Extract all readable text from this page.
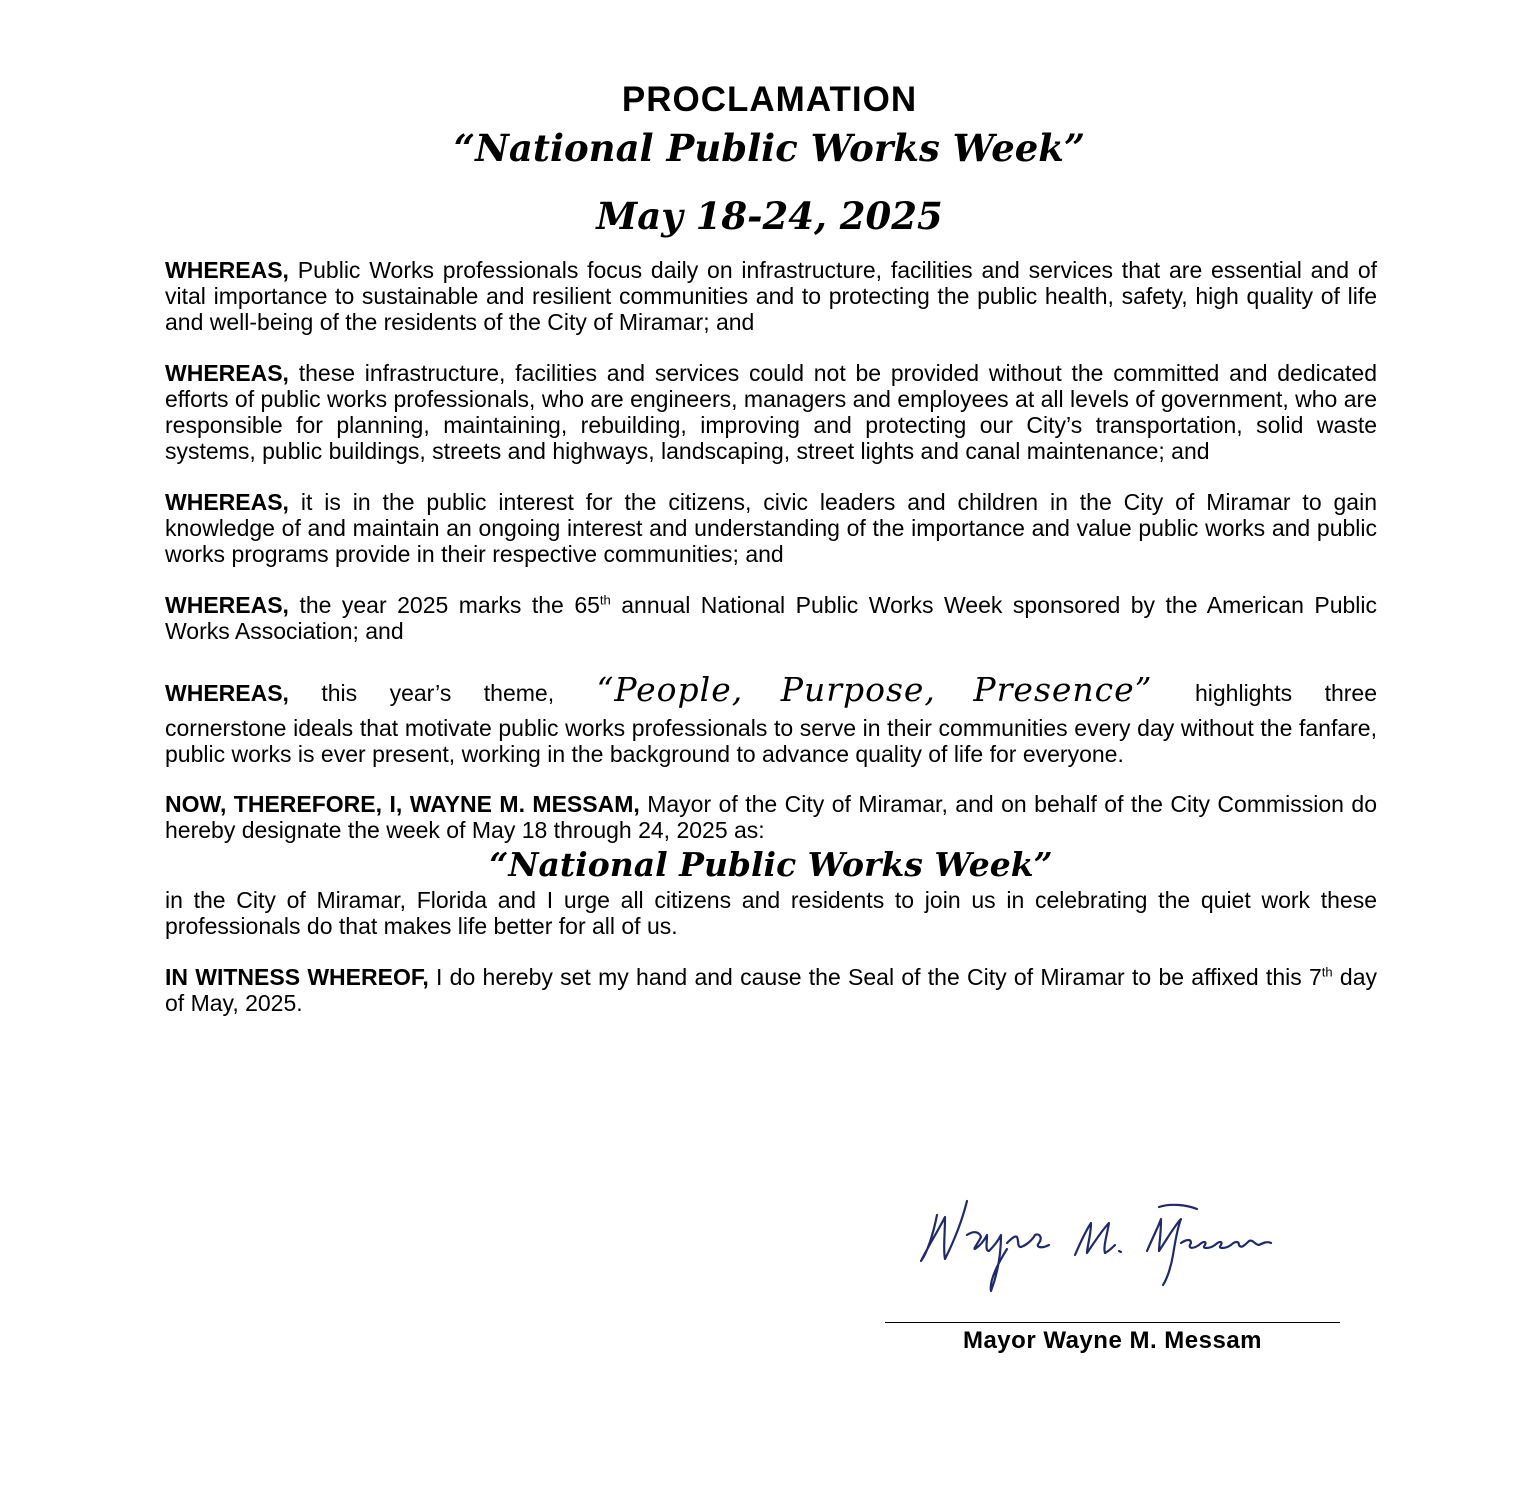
PROCLAMATION
“National Public Works Week”
May 18-24, 2025

WHEREAS, Public Works professionals focus daily on infrastructure, facilities and services that are essential and of vital importance to sustainable and resilient communities and to protecting the public health, safety, high quality of life and well-being of the residents of the City of Miramar; and

WHEREAS, these infrastructure, facilities and services could not be provided without the committed and dedicated efforts of public works professionals, who are engineers, managers and employees at all levels of government, who are responsible for planning, maintaining, rebuilding, improving and protecting our City’s transportation, solid waste systems, public buildings, streets and highways, landscaping, street lights and canal maintenance; and

WHEREAS, it is in the public interest for the citizens, civic leaders and children in the City of Miramar to gain knowledge of and maintain an ongoing interest and understanding of the importance and value public works and public works programs provide in their respective communities; and

WHEREAS, the year 2025 marks the 65th annual National Public Works Week sponsored by the American Public Works Association; and

WHEREAS, this year’s theme, “People, Purpose, Presence” highlights three
cornerstone ideals that motivate public works professionals to serve in their communities every day without the fanfare, public works is ever present, working in the background to advance quality of life for everyone.

NOW, THEREFORE, I, WAYNE M. MESSAM, Mayor of the City of Miramar, and on behalf of the City Commission do hereby designate the week of May 18 through 24, 2025 as:

“National Public Works Week”

in the City of Miramar, Florida and I urge all citizens and residents to join us in celebrating the quiet work these professionals do that makes life better for all of us.

IN WITNESS WHEREOF, I do hereby set my hand and cause the Seal of the City of Miramar to be affixed this 7th day of May, 2025.

Mayor Wayne M. Messam
